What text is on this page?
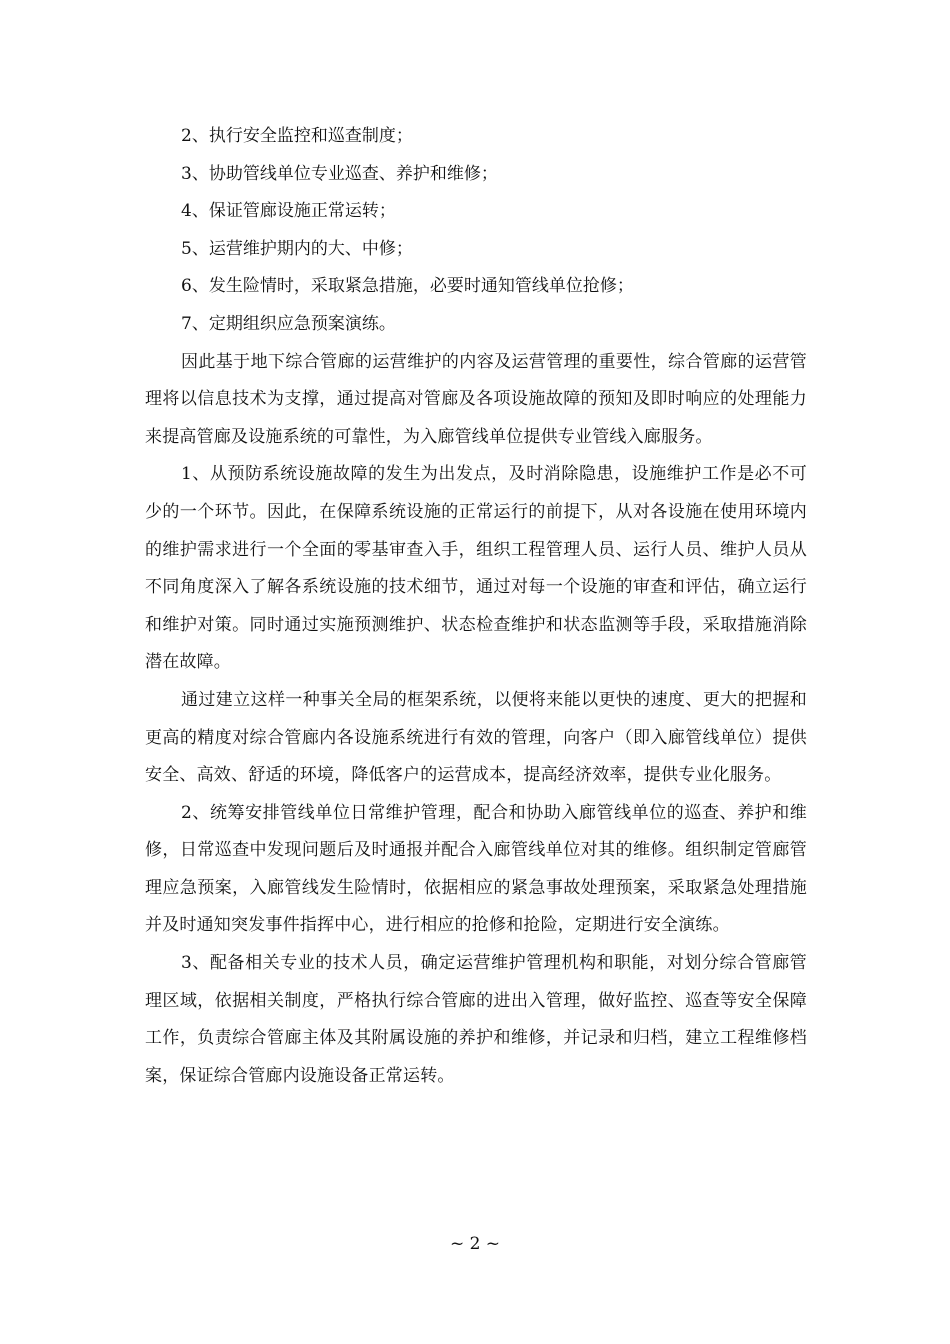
2、执行安全监控和巡查制度；

3、协助管线单位专业巡查、养护和维修；

4、保证管廊设施正常运转；

5、运营维护期内的大、中修；

6、发生险情时，采取紧急措施，必要时通知管线单位抢修；

7、定期组织应急预案演练。

因此基于地下综合管廊的运营维护的内容及运营管理的重要性，综合管廊的运营管理将以信息技术为支撑，通过提高对管廊及各项设施故障的预知及即时响应的处理能力来提高管廊及设施系统的可靠性，为入廊管线单位提供专业管线入廊服务。

1、从预防系统设施故障的发生为出发点，及时消除隐患，设施维护工作是必不可少的一个环节。因此，在保障系统设施的正常运行的前提下，从对各设施在使用环境内的维护需求进行一个全面的零基审查入手，组织工程管理人员、运行人员、维护人员从不同角度深入了解各系统设施的技术细节，通过对每一个设施的审查和评估，确立运行和维护对策。同时通过实施预测维护、状态检查维护和状态监测等手段，采取措施消除潜在故障。

通过建立这样一种事关全局的框架系统，以便将来能以更快的速度、更大的把握和更高的精度对综合管廊内各设施系统进行有效的管理，向客户（即入廊管线单位）提供安全、高效、舒适的环境，降低客户的运营成本，提高经济效率，提供专业化服务。

2、统筹安排管线单位日常维护管理，配合和协助入廊管线单位的巡查、养护和维修，日常巡查中发现问题后及时通报并配合入廊管线单位对其的维修。组织制定管廊管理应急预案，入廊管线发生险情时，依据相应的紧急事故处理预案，采取紧急处理措施并及时通知突发事件指挥中心，进行相应的抢修和抢险，定期进行安全演练。

3、配备相关专业的技术人员，确定运营维护管理机构和职能，对划分综合管廊管理区域，依据相关制度，严格执行综合管廊的进出入管理，做好监控、巡查等安全保障工作，负责综合管廊主体及其附属设施的养护和维修，并记录和归档，建立工程维修档案，保证综合管廊内设施设备正常运转。

~ 2 ~
